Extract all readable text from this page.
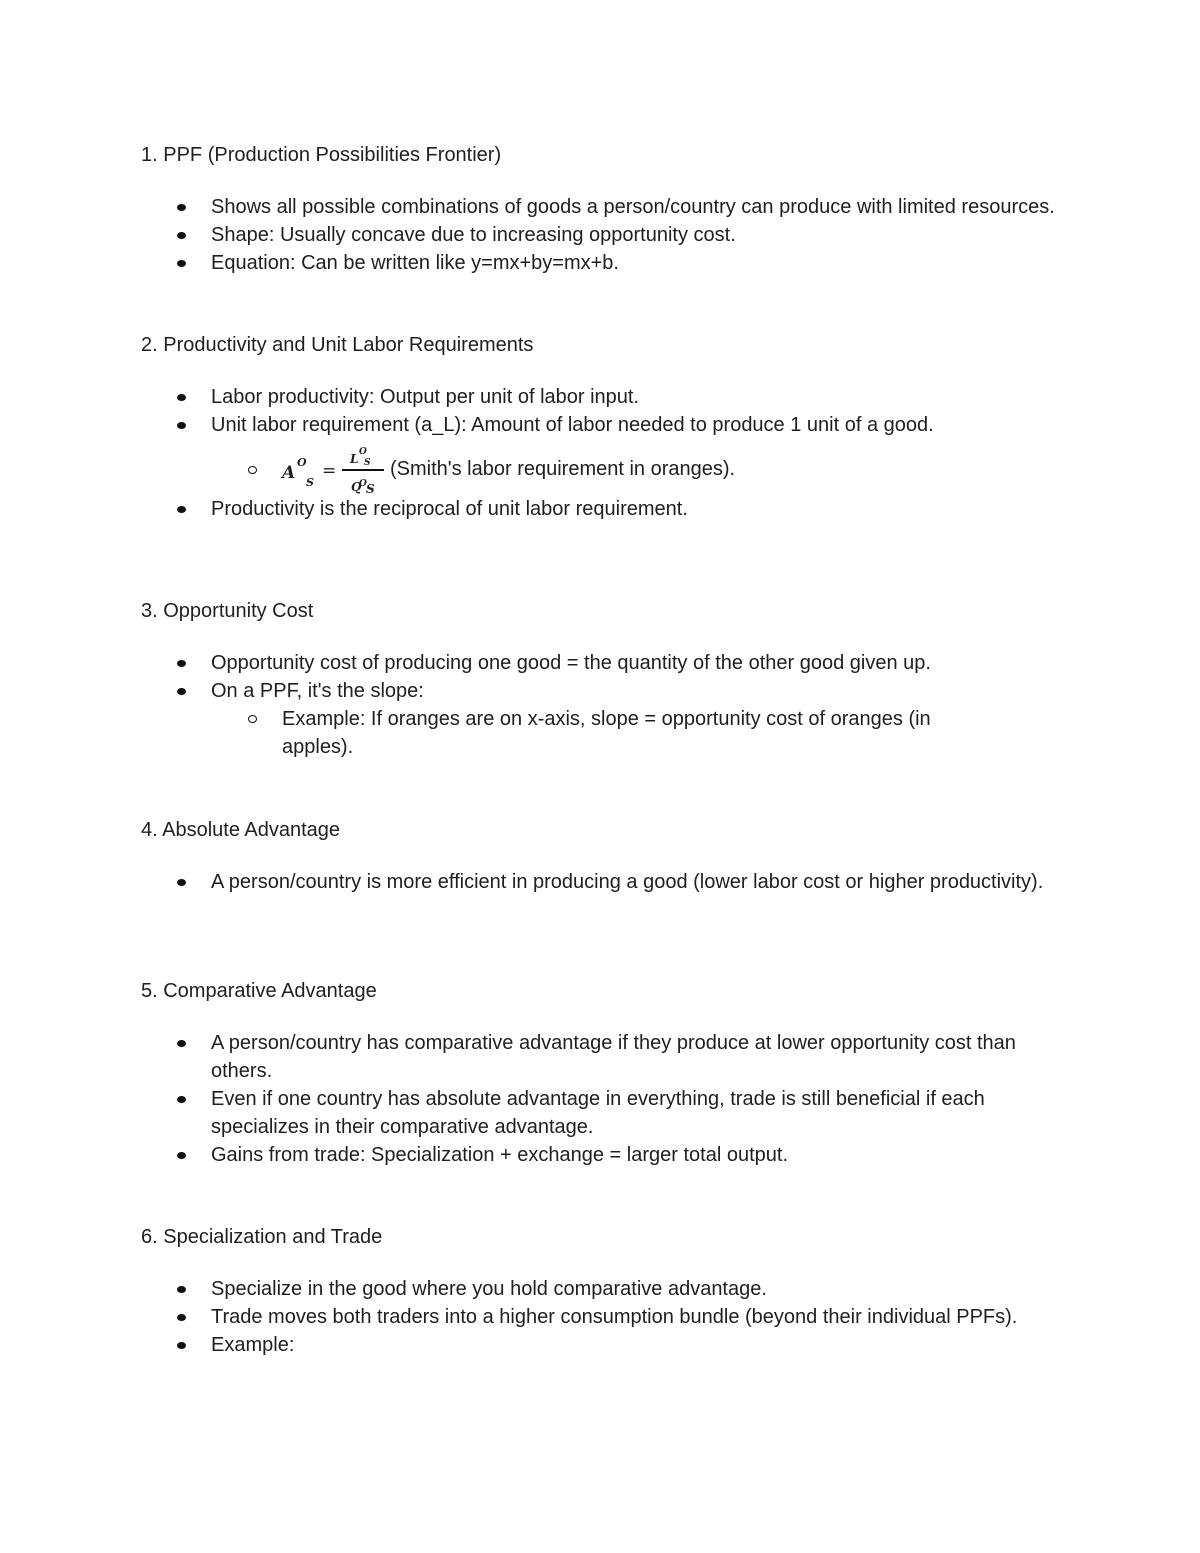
1. PPF (Production Possibilities Frontier)
Shows all possible combinations of goods a person/country can produce with limited resources.
Shape: Usually concave due to increasing opportunity cost.
Equation: Can be written like y=mx+by=mx+b.
2. Productivity and Unit Labor Requirements
Labor productivity: Output per unit of labor input.
Unit labor requirement (a_L): Amount of labor needed to produce 1 unit of a good.
A
O
S
=
L O
S
Q
O S
(Smith's labor requirement in oranges).
Productivity is the reciprocal of unit labor requirement.
3. Opportunity Cost
Opportunity cost of producing one good = the quantity of the other good given up.
On a PPF, it's the slope:
Example: If oranges are on x-axis, slope = opportunity cost of oranges (in apples).
4. Absolute Advantage
A person/country is more efficient in producing a good (lower labor cost or higher productivity).
5. Comparative Advantage
A person/country has comparative advantage if they produce at lower opportunity cost than others.
Even if one country has absolute advantage in everything, trade is still beneficial if each specializes in their comparative advantage.
Gains from trade: Specialization + exchange = larger total output.
6. Specialization and Trade
Specialize in the good where you hold comparative advantage.
Trade moves both traders into a higher consumption bundle (beyond their individual PPFs).
Example:
